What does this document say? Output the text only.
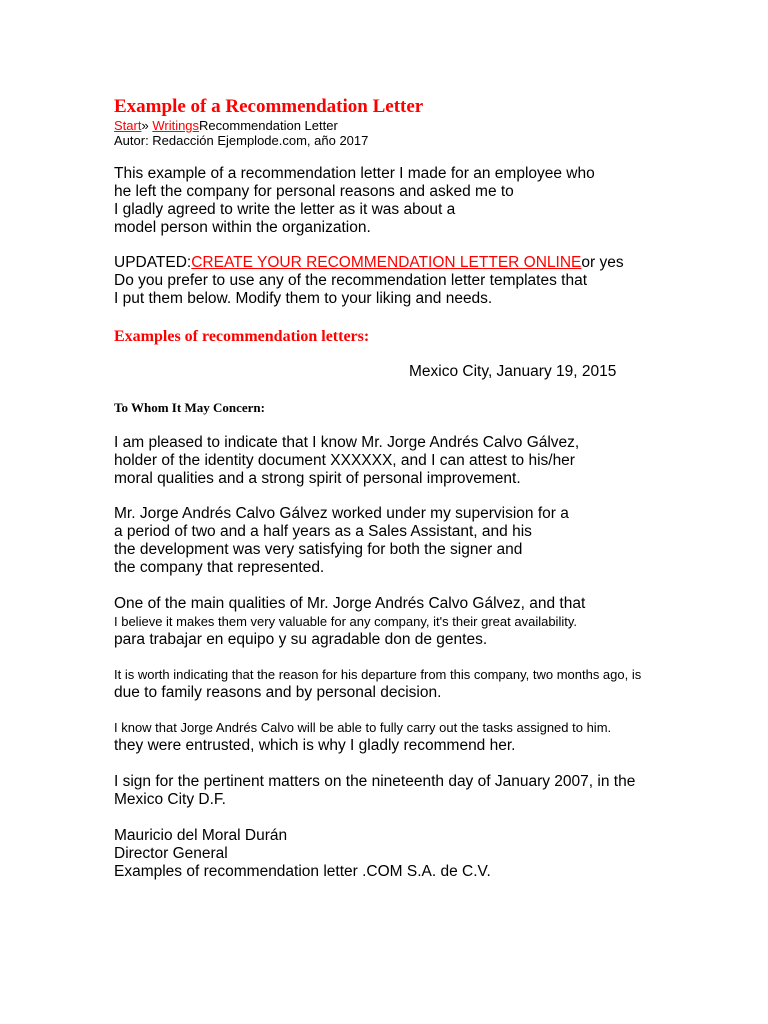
Example of a Recommendation Letter
Start» WritingsRecommendation Letter
Autor: Redacción Ejemplode.com, año 2017
This example of a recommendation letter I made for an employee who
he left the company for personal reasons and asked me to
I gladly agreed to write the letter as it was about a
model person within the organization.
UPDATED:CREATE YOUR RECOMMENDATION LETTER ONLINEor yes
Do you prefer to use any of the recommendation letter templates that
I put them below. Modify them to your liking and needs.
Examples of recommendation letters:
Mexico City, January 19, 2015
To Whom It May Concern:
I am pleased to indicate that I know Mr. Jorge Andrés Calvo Gálvez,
holder of the identity document XXXXXX, and I can attest to his/her
moral qualities and a strong spirit of personal improvement.
Mr. Jorge Andrés Calvo Gálvez worked under my supervision for a
a period of two and a half years as a Sales Assistant, and his
the development was very satisfying for both the signer and
the company that represented.
One of the main qualities of Mr. Jorge Andrés Calvo Gálvez, and that
I believe it makes them very valuable for any company, it's their great availability.
para trabajar en equipo y su agradable don de gentes.
It is worth indicating that the reason for his departure from this company, two months ago, is
due to family reasons and by personal decision.
I know that Jorge Andrés Calvo will be able to fully carry out the tasks assigned to him.
they were entrusted, which is why I gladly recommend her.
I sign for the pertinent matters on the nineteenth day of January 2007, in the
Mexico City D.F.
Mauricio del Moral Durán
Director General
Examples of recommendation letter .COM S.A. de C.V.
